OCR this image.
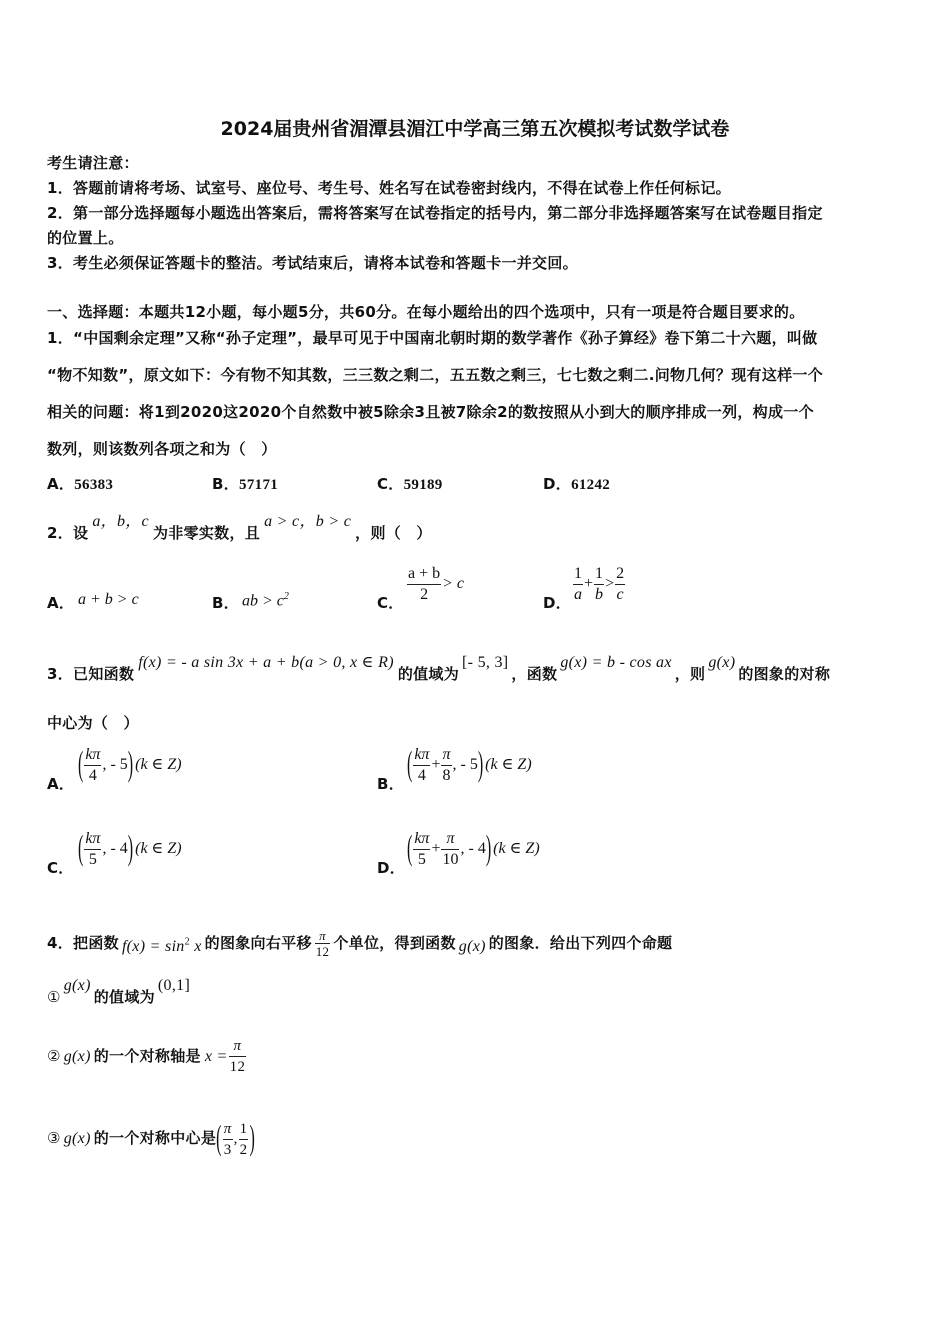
2024届贵州省湄潭县湄江中学高三第五次模拟考试数学试卷
考生请注意：
1．答题前请将考场、试室号、座位号、考生号、姓名写在试卷密封线内，不得在试卷上作任何标记。
2．第一部分选择题每小题选出答案后，需将答案写在试卷指定的括号内，第二部分非选择题答案写在试卷题目指定
的位置上。
3．考生必须保证答题卡的整洁。考试结束后，请将本试卷和答题卡一并交回。
一、选择题：本题共12小题，每小题5分，共60分。在每小题给出的四个选项中，只有一项是符合题目要求的。
1．“中国剩余定理”又称“孙子定理”，最早可见于中国南北朝时期的数学著作《孙子算经》卷下第二十六题，叫做
“物不知数”，原文如下：今有物不知其数，三三数之剩二，五五数之剩三，七七数之剩二.问物几何？现有这样一个
相关的问题：将1到2020这2020个自然数中被5除余3且被7除余2的数按照从小到大的顺序排成一列，构成一个
数列，则该数列各项之和为（　）
A．56383	B．57171	C．59189	D．61242
2．设a，b，c为非零实数，且a > c，b > c，则（　）
A． a + b > c	B． ab > $c^2$	C． $\frac{a + b}{2} > c$
D． $\frac{1}{a} + \frac{1}{b} > \frac{2}{c}$
3．已知函数f(x) = - a sin 3x + a + b(a > 0, x ∈ R)的值域为[- 5, 3]，函数g(x) = b - cos ax，则g(x)的图象的对称
中心为（　）
A．
( $\frac{k\pi}{4}$ , - 5) (k ∈ Z)
B．
( $\frac{k\pi}{4} + \frac{\pi}{8}$ , - 5) (k ∈ Z)
C．
( $\frac{k\pi}{5}$ , - 4) (k ∈ Z)
D．
( $\frac{k\pi}{5} + \frac{\pi}{10}$ , - 4) (k ∈ Z)
4．把函数 $f(x) = \sin^2 x$ 的图象向右平移 $\frac{\pi}{12}$ 个单位，得到函数 g(x) 的图象．给出下列四个命题
①g(x)的值域为(0,1]
② g(x) 的一个对称轴是 $x = \frac{\pi}{12}$
③ g(x) 的一个对称中心是( $\frac{\pi}{3}$ , $\frac{1}{2}$ )
